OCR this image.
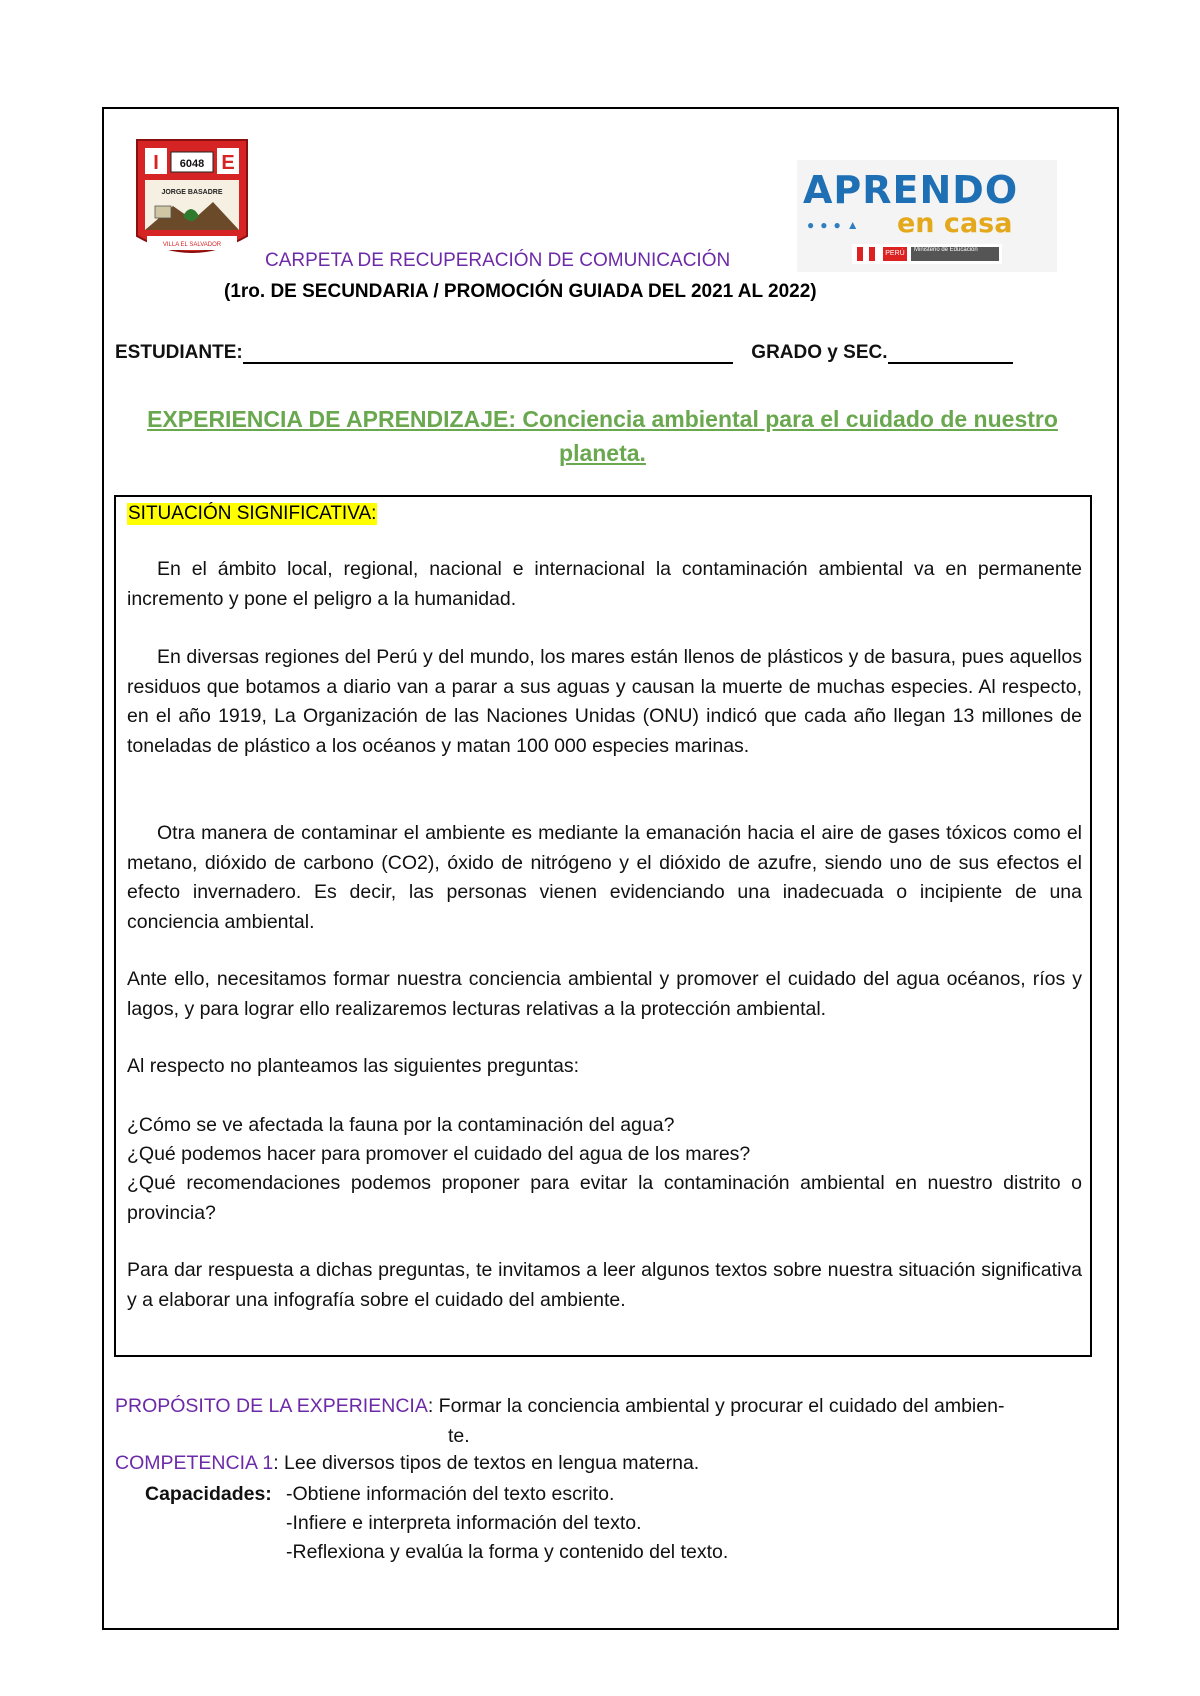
I	E
6048
JORGE BASADRE
VILLA EL SALVADOR
APRENDO
●●●▲ en casa
PERÚ	Ministerio de Educación
CARPETA DE RECUPERACIÓN DE COMUNICACIÓN
(1ro. DE SECUNDARIA / PROMOCIÓN GUIADA DEL 2021 AL 2022)
ESTUDIANTE:	GRADO y SEC.
EXPERIENCIA DE APRENDIZAJE: Conciencia ambiental para el cuidado de nuestro
planeta.
SITUACIÓN SIGNIFICATIVA:
En el ámbito local, regional, nacional e internacional la contaminación ambiental va en permanente incremento y pone el peligro a la humanidad.
En diversas regiones del Perú y del mundo, los mares están llenos de plásticos y de basura, pues aquellos residuos que botamos a diario van a parar a sus aguas y causan la muerte de muchas especies. Al respecto, en el año 1919, La Organización de las Naciones Unidas (ONU) indicó que cada año llegan 13 millones de toneladas de plástico a los océanos y matan 100 000 especies marinas.
Otra manera de contaminar el ambiente es mediante la emanación hacia el aire de gases tóxicos como el metano, dióxido de carbono (CO2), óxido de nitrógeno y el dióxido de azufre, siendo uno de sus efectos el efecto invernadero. Es decir, las personas vienen evidenciando una inadecuada o incipiente de una conciencia ambiental.
Ante ello, necesitamos formar nuestra conciencia ambiental y promover el cuidado del agua océanos, ríos y lagos, y para lograr ello realizaremos lecturas relativas a la protección ambiental.
Al respecto no planteamos las siguientes preguntas:
¿Cómo se ve afectada la fauna por la contaminación del agua?
¿Qué podemos hacer para promover el cuidado del agua de los mares?
¿Qué recomendaciones podemos proponer para evitar la contaminación ambiental en nuestro distrito o provincia?
Para dar respuesta a dichas preguntas, te invitamos a leer algunos textos sobre nuestra situación significativa y a elaborar una infografía sobre el cuidado del ambiente.
PROPÓSITO DE LA EXPERIENCIA: Formar la conciencia ambiental y procurar el cuidado del ambien-
te.
COMPETENCIA 1: Lee diversos tipos de textos en lengua materna.
Capacidades: -Obtiene información del texto escrito.
-Infiere e interpreta información del texto.
-Reflexiona y evalúa la forma y contenido del texto.
